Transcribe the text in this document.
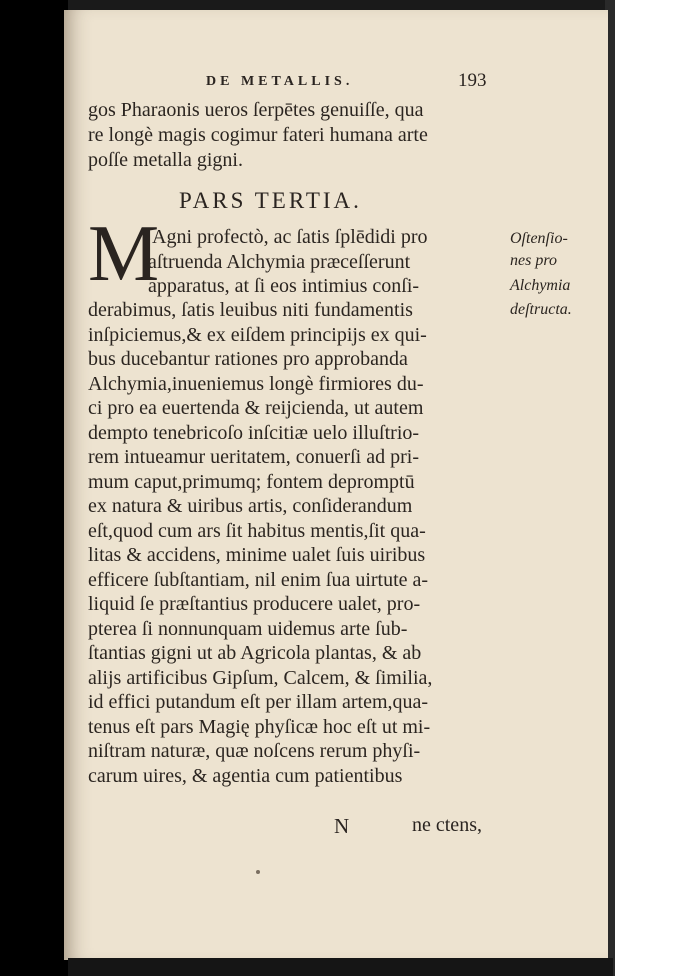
DE METALLIS.	193
gos Pharaonis ueros ſerpētes genuiſſe, qua
re longè magis cogimur fateri humana arte
poſſe metalla gigni.
PARS TERTIA.
M
Agni profectò, ac ſatis ſplēdidi pro
aſtruenda Alchymia præceſſerunt
apparatus, at ſi eos intimius conſi-
derabimus, ſatis leuibus niti fundamentis
inſpiciemus,& ex eiſdem principijs ex qui-
bus ducebantur rationes pro approbanda
Alchymia,inueniemus longè firmiores du-
ci pro ea euertenda & reijcienda, ut autem
dempto tenebricoſo inſcitiæ uelo illuſtrio-
rem intueamur ueritatem, conuerſi ad pri-
mum caput,primumq; fontem depromptū
ex natura & uiribus artis, conſiderandum
eſt,quod cum ars ſit habitus mentis,ſit qua-
litas & accidens, minime ualet ſuis uiribus
efficere ſubſtantiam, nil enim ſua uirtute a-
liquid ſe præſtantius producere ualet, pro-
pterea ſi nonnunquam uidemus arte ſub-
ſtantias gigni ut ab Agricola plantas, & ab
alijs artificibus Gipſum, Calcem, & ſimilia,
id effici putandum eſt per illam artem,qua-
tenus eſt pars Magię phyſicæ hoc eſt ut mi-
niſtram naturæ, quæ noſcens rerum phyſi-
carum uires, & agentia cum patientibus
Oſtenſio-
nes pro
Alchymia
deſtructa.
N	ne ctens,
